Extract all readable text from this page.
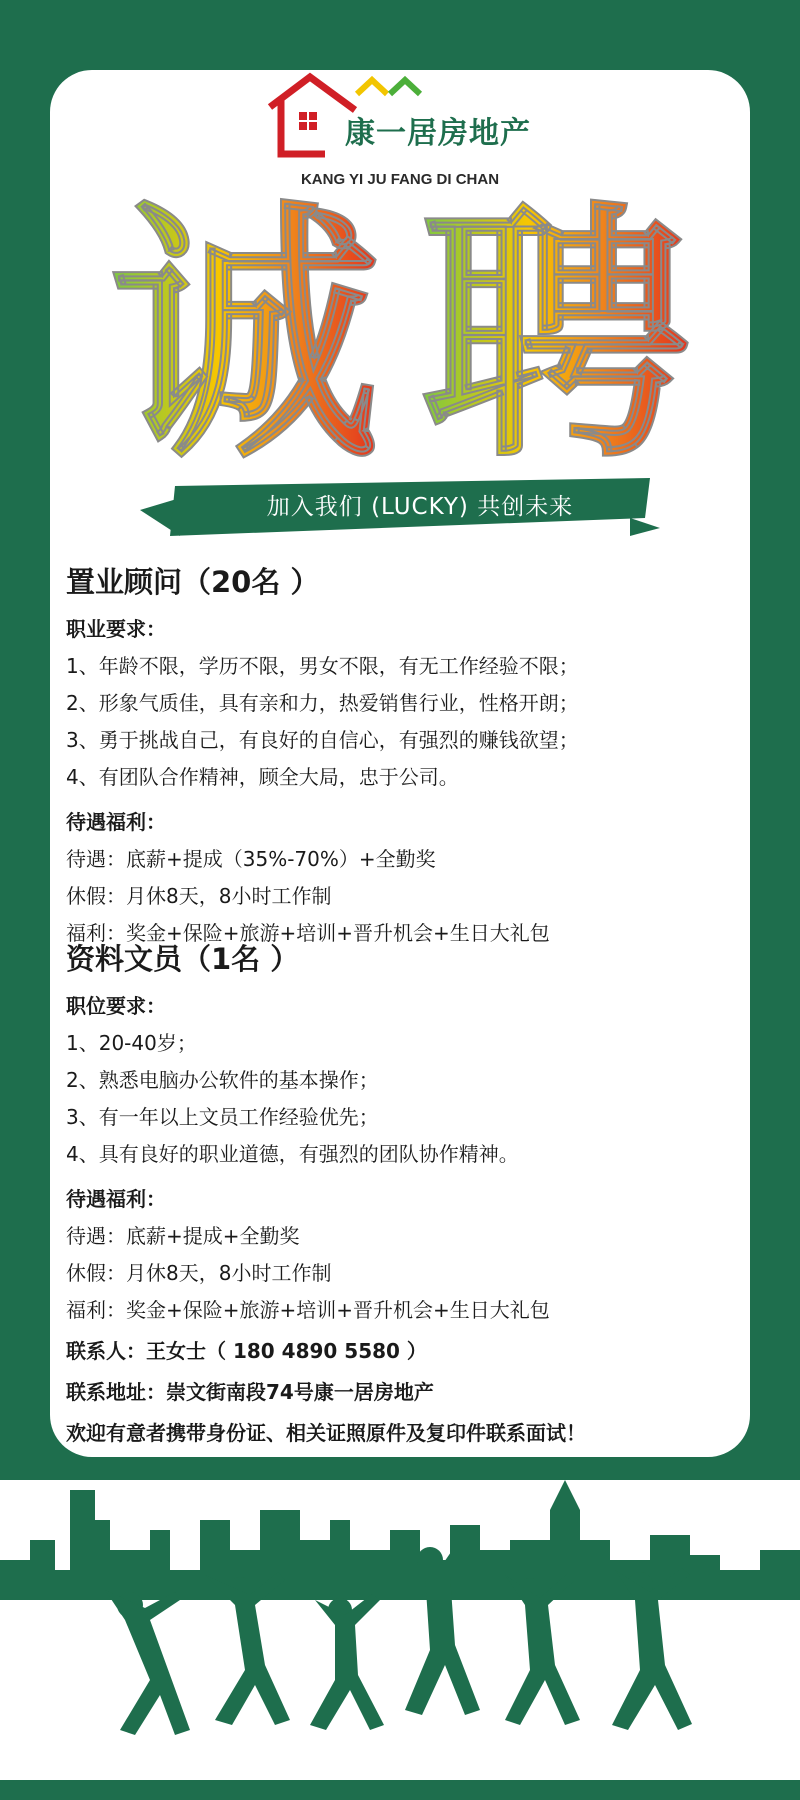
康一居房地产
KANG YI JU FANG DI CHAN
诚 聘
加入我们 (LUCKY) 共创未来

置业顾问（20名 ）

职业要求：

1、年龄不限，学历不限，男女不限，有无工作经验不限；

2、形象气质佳，具有亲和力，热爱销售行业，性格开朗；

3、勇于挑战自己，有良好的自信心，有强烈的赚钱欲望；

4、有团队合作精神，顾全大局，忠于公司。

待遇福利：

待遇：底薪+提成（35%-70%）+全勤奖

休假：月休8天，8小时工作制

福利：奖金+保险+旅游+培训+晋升机会+生日大礼包

资料文员（1名 ）

职位要求：

1、20-40岁；

2、熟悉电脑办公软件的基本操作；

3、有一年以上文员工作经验优先；

4、具有良好的职业道德，有强烈的团队协作精神。

待遇福利：

待遇：底薪+提成+全勤奖

休假：月休8天，8小时工作制

福利：奖金+保险+旅游+培训+晋升机会+生日大礼包

联系人：王女士（ 180 4890 5580 ）

联系地址：崇文街南段74号康一居房地产

欢迎有意者携带身份证、相关证照原件及复印件联系面试！
